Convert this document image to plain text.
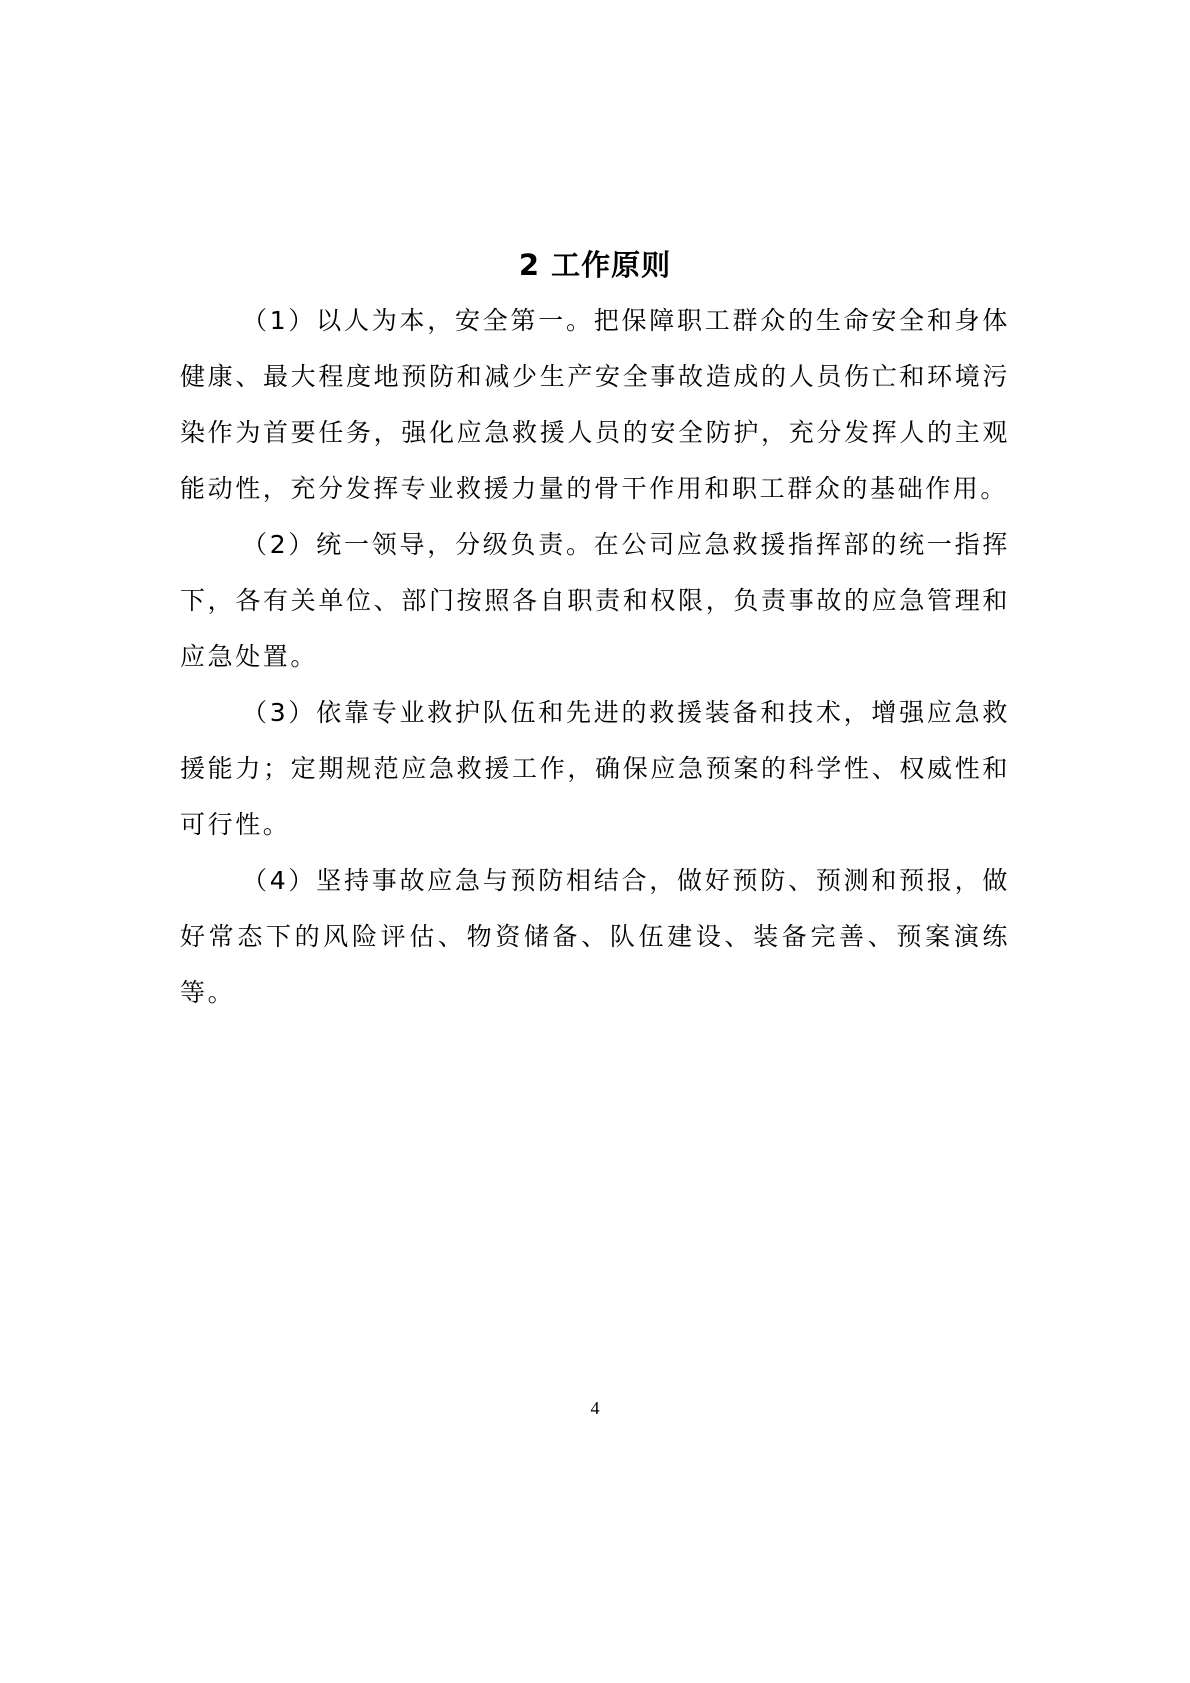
2 工作原则

（1）以人为本，安全第一。把保障职工群众的生命安全和身体健康、最大程度地预防和减少生产安全事故造成的人员伤亡和环境污染作为首要任务，强化应急救援人员的安全防护，充分发挥人的主观能动性，充分发挥专业救援力量的骨干作用和职工群众的基础作用。

（2）统一领导，分级负责。在公司应急救援指挥部的统一指挥下，各有关单位、部门按照各自职责和权限，负责事故的应急管理和应急处置。

（3）依靠专业救护队伍和先进的救援装备和技术，增强应急救援能力；定期规范应急救援工作，确保应急预案的科学性、权威性和可行性。

（4）坚持事故应急与预防相结合，做好预防、预测和预报，做好常态下的风险评估、物资储备、队伍建设、装备完善、预案演练等。

4
